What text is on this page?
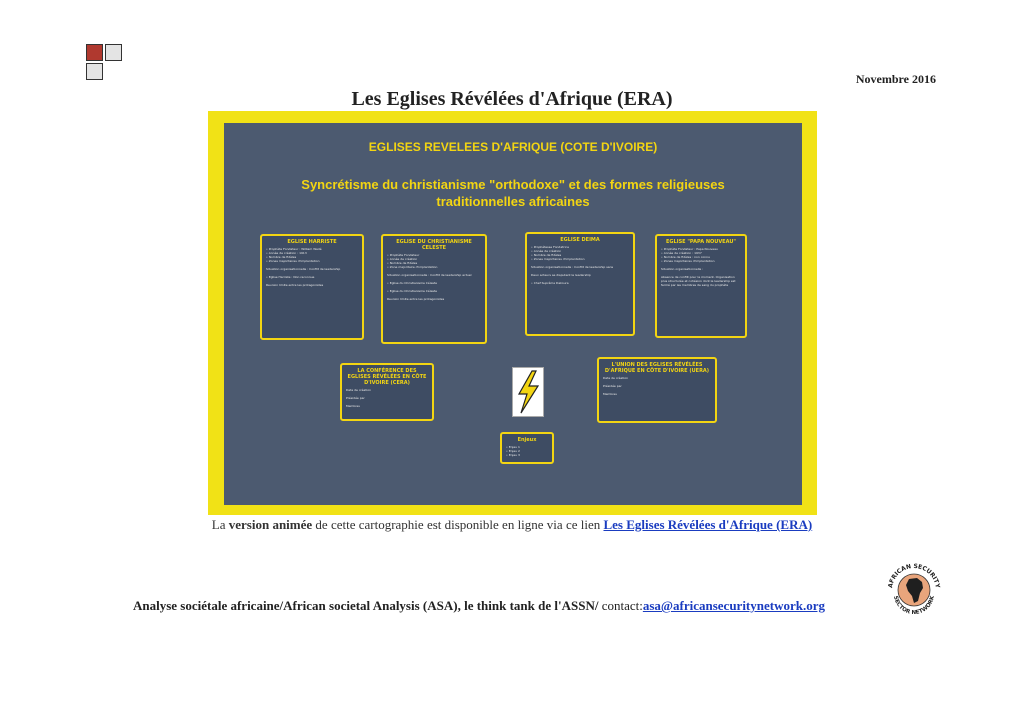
Novembre 2016
Les Eglises Révélées d'Afrique (ERA)
EGLISES REVELEES D'AFRIQUE (COTE D'IVOIRE)
Syncrétisme du christianisme "orthodoxe" et des formes religieuses
traditionnelles africaines
EGLISE HARRISTE
• Prophète Fondateur : William Wadé
• Année de création : 1913
• Nombre de fidèles
• Zones majoritaires d'implantation

Situation organisationnelle : Conflit de leadership

• Eglise Harriste : Non reconnue

Reunion limite entre les protagonistes
EGLISE DU CHRISTIANISME CELESTE
• Prophète Fondateur
• Année de création
• Nombre de fidèles
• Zone majoritaire d'implantation

Situation organisationnelle : Conflit de leadership actuel

• Eglise du Christianisme Céleste

• Eglise du Christianisme Céleste

Reunion limite entre les protagonistes
EGLISE DEIMA
• Prophétesse Fondatrice
• Année de création
• Nombre de fidèles
• Zones majoritaires d'implantation

Situation organisationnelle : Conflit de leadership sans

Deux acteurs se disputent le leadership

• Chef Suprême Dakoura
EGLISE "PAPA NOUVEAU"
• Prophète Fondateur : Papa Nouveau
• Année de création : 1937
• Nombre de fidèles : non connu
• Zones majoritaires d'implantation

Situation organisationnelle :

Absence de conflit pour le moment. Organisation plus structurée et cohésion dont le leadership est fermé par les membres de sang du prophète
LA CONFÉRENCE DES EGLISES RÉVÉLÉES EN CÔTE D'IVOIRE (CERA)
Date de création

Présidée par

Membres
L'UNION DES EGLISES RÉVÉLÉES D'AFRIQUE EN CÔTE D'IVOIRE (UERA)
Date de création

Présidée par

Membres
Enjeux
• Enjeu 1
• Enjeu 2
• Enjeu 3
La version animée de cette cartographie est disponible en ligne via ce lien Les Eglises Révélées d'Afrique (ERA)
Analyse sociétale africaine/African societal Analysis (ASA), le think tank de l'ASSN/ contact:asa@africansecuritynetwork.org
AFRICAN SECURITY
SECTOR NETWORK
